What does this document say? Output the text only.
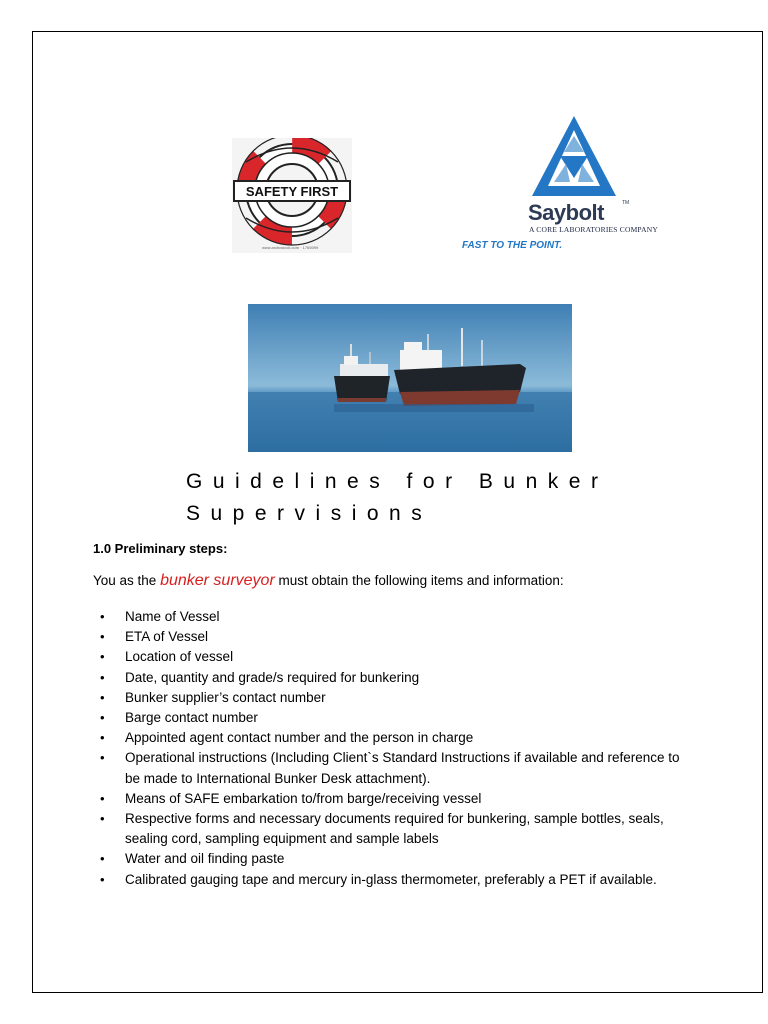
SAFETY FIRST
www.arcticstock.com · 1765099
TM
Saybolt
A CORE LABORATORIES COMPANY
FAST TO THE POINT.
Guidelines for Bunker Supervisions
1.0 Preliminary steps:

You as the bunker surveyor must obtain the following items and information:

• Name of Vessel
• ETA of Vessel
• Location of vessel
• Date, quantity and grade/s required for bunkering
• Bunker supplier’s contact number
• Barge contact number
• Appointed agent contact number and the person in charge
• Operational instructions (Including Client`s Standard Instructions if available and reference to be made to International Bunker Desk attachment).
• Means of SAFE embarkation to/from barge/receiving vessel
• Respective forms and necessary documents required for bunkering, sample bottles, seals, sealing cord, sampling equipment and sample labels
• Water and oil finding paste
• Calibrated gauging tape and mercury in-glass thermometer, preferably a PET if available.
